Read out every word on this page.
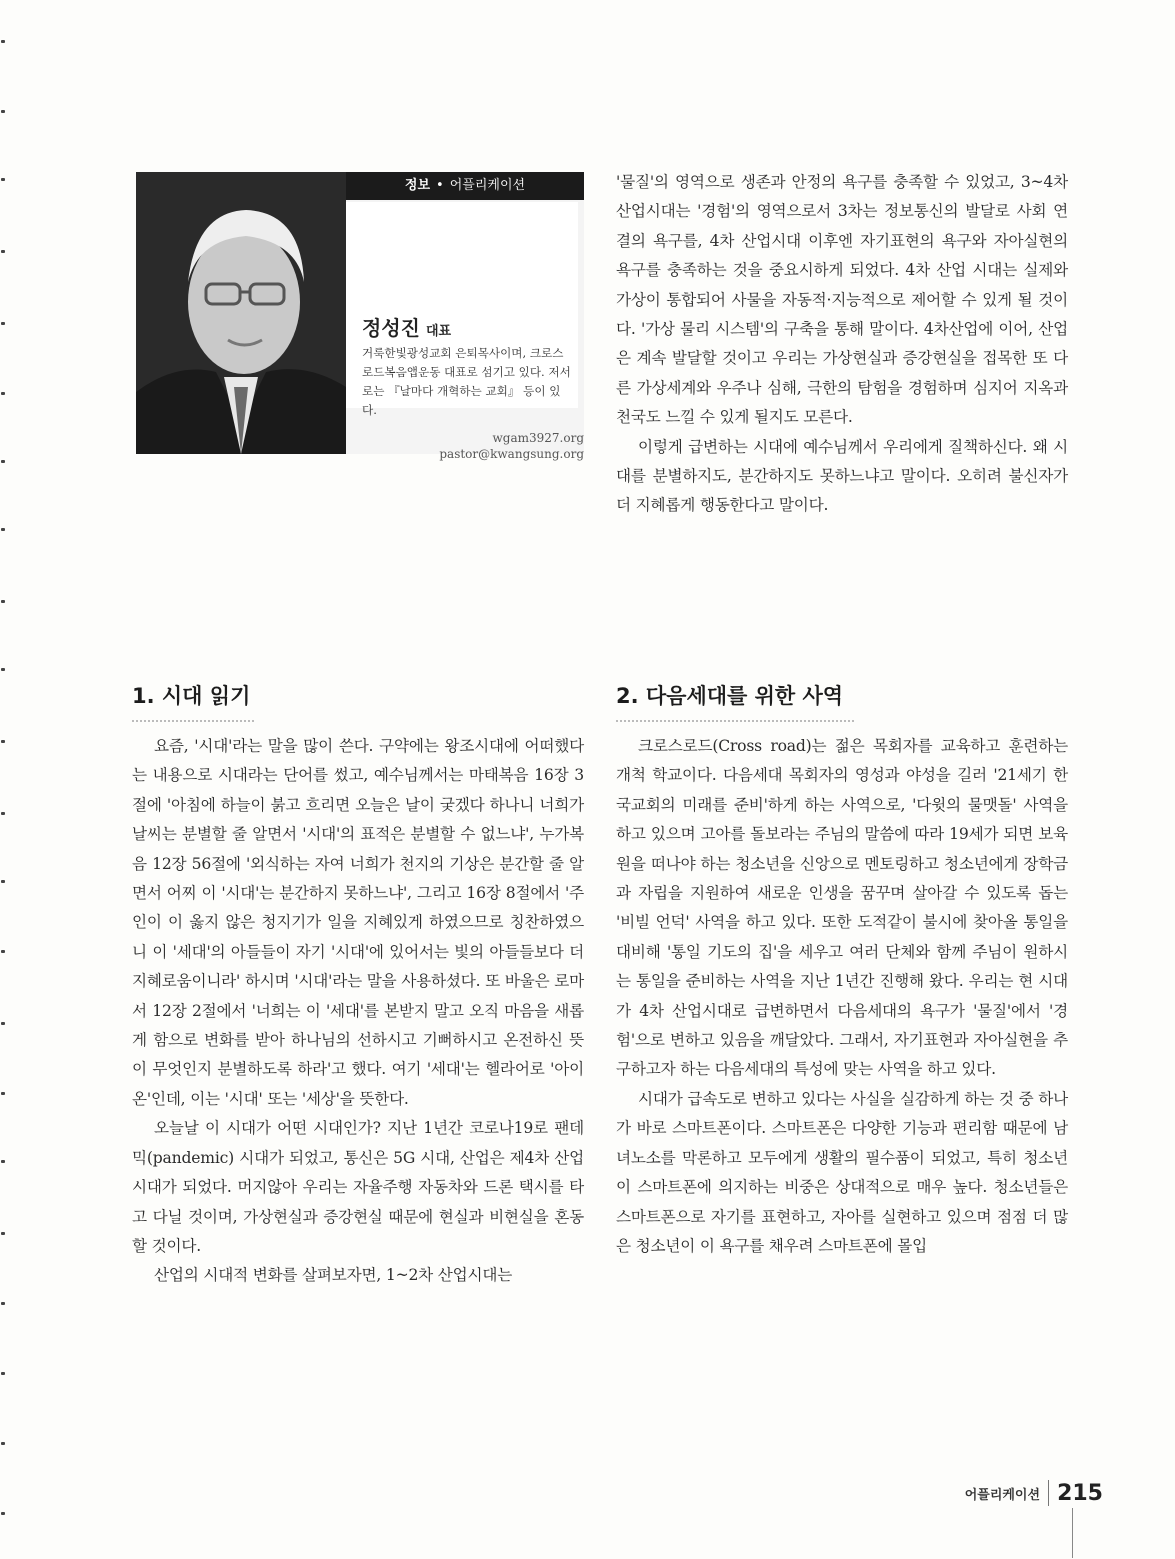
정보 • 어플리케이션
정성진 대표
거룩한빛광성교회 은퇴목사이며, 크로스로드복음앱운동 대표로 섬기고 있다. 저서로는 『날마다 개혁하는 교회』 등이 있다.
wgam3927.org
pastor@kwangsung.org

'물질'의 영역으로 생존과 안정의 욕구를 충족할 수 있었고, 3~4차 산업시대는 '경험'의 영역으로서 3차는 정보통신의 발달로 사회 연결의 욕구를, 4차 산업시대 이후엔 자기표현의 욕구와 자아실현의 욕구를 충족하는 것을 중요시하게 되었다. 4차 산업 시대는 실제와 가상이 통합되어 사물을 자동적·지능적으로 제어할 수 있게 될 것이다. '가상 물리 시스템'의 구축을 통해 말이다. 4차산업에 이어, 산업은 계속 발달할 것이고 우리는 가상현실과 증강현실을 접목한 또 다른 가상세계와 우주나 심해, 극한의 탐험을 경험하며 심지어 지옥과 천국도 느낄 수 있게 될지도 모른다.

이렇게 급변하는 시대에 예수님께서 우리에게 질책하신다. 왜 시대를 분별하지도, 분간하지도 못하느냐고 말이다. 오히려 불신자가 더 지혜롭게 행동한다고 말이다.

1. 시대 읽기	2. 다음세대를 위한 사역

요즘, '시대'라는 말을 많이 쓴다. 구약에는 왕조시대에 어떠했다는 내용으로 시대라는 단어를 썼고, 예수님께서는 마태복음 16장 3절에 '아침에 하늘이 붉고 흐리면 오늘은 날이 궂겠다 하나니 너희가 날씨는 분별할 줄 알면서 '시대'의 표적은 분별할 수 없느냐', 누가복음 12장 56절에 '외식하는 자여 너희가 천지의 기상은 분간할 줄 알면서 어찌 이 '시대'는 분간하지 못하느냐', 그리고 16장 8절에서 '주인이 이 옳지 않은 청지기가 일을 지혜있게 하였으므로 칭찬하였으니 이 '세대'의 아들들이 자기 '시대'에 있어서는 빛의 아들들보다 더 지혜로움이니라' 하시며 '시대'라는 말을 사용하셨다. 또 바울은 로마서 12장 2절에서 '너희는 이 '세대'를 본받지 말고 오직 마음을 새롭게 함으로 변화를 받아 하나님의 선하시고 기뻐하시고 온전하신 뜻이 무엇인지 분별하도록 하라'고 했다. 여기 '세대'는 헬라어로 '아이온'인데, 이는 '시대' 또는 '세상'을 뜻한다.

오늘날 이 시대가 어떤 시대인가? 지난 1년간 코로나19로 팬데믹(pandemic) 시대가 되었고, 통신은 5G 시대, 산업은 제4차 산업시대가 되었다. 머지않아 우리는 자율주행 자동차와 드론 택시를 타고 다닐 것이며, 가상현실과 증강현실 때문에 현실과 비현실을 혼동할 것이다.

산업의 시대적 변화를 살펴보자면, 1~2차 산업시대는

크로스로드(Cross road)는 젊은 목회자를 교육하고 훈련하는 개척 학교이다. 다음세대 목회자의 영성과 야성을 길러 '21세기 한국교회의 미래를 준비'하게 하는 사역으로, '다윗의 물맷돌' 사역을 하고 있으며 고아를 돌보라는 주님의 말씀에 따라 19세가 되면 보육원을 떠나야 하는 청소년을 신앙으로 멘토링하고 청소년에게 장학금과 자립을 지원하여 새로운 인생을 꿈꾸며 살아갈 수 있도록 돕는 '비빌 언덕' 사역을 하고 있다. 또한 도적같이 불시에 찾아올 통일을 대비해 '통일 기도의 집'을 세우고 여러 단체와 함께 주님이 원하시는 통일을 준비하는 사역을 지난 1년간 진행해 왔다. 우리는 현 시대가 4차 산업시대로 급변하면서 다음세대의 욕구가 '물질'에서 '경험'으로 변하고 있음을 깨달았다. 그래서, 자기표현과 자아실현을 추구하고자 하는 다음세대의 특성에 맞는 사역을 하고 있다.

시대가 급속도로 변하고 있다는 사실을 실감하게 하는 것 중 하나가 바로 스마트폰이다. 스마트폰은 다양한 기능과 편리함 때문에 남녀노소를 막론하고 모두에게 생활의 필수품이 되었고, 특히 청소년이 스마트폰에 의지하는 비중은 상대적으로 매우 높다. 청소년들은 스마트폰으로 자기를 표현하고, 자아를 실현하고 있으며 점점 더 많은 청소년이 이 욕구를 채우려 스마트폰에 몰입

어플리케이션 215
